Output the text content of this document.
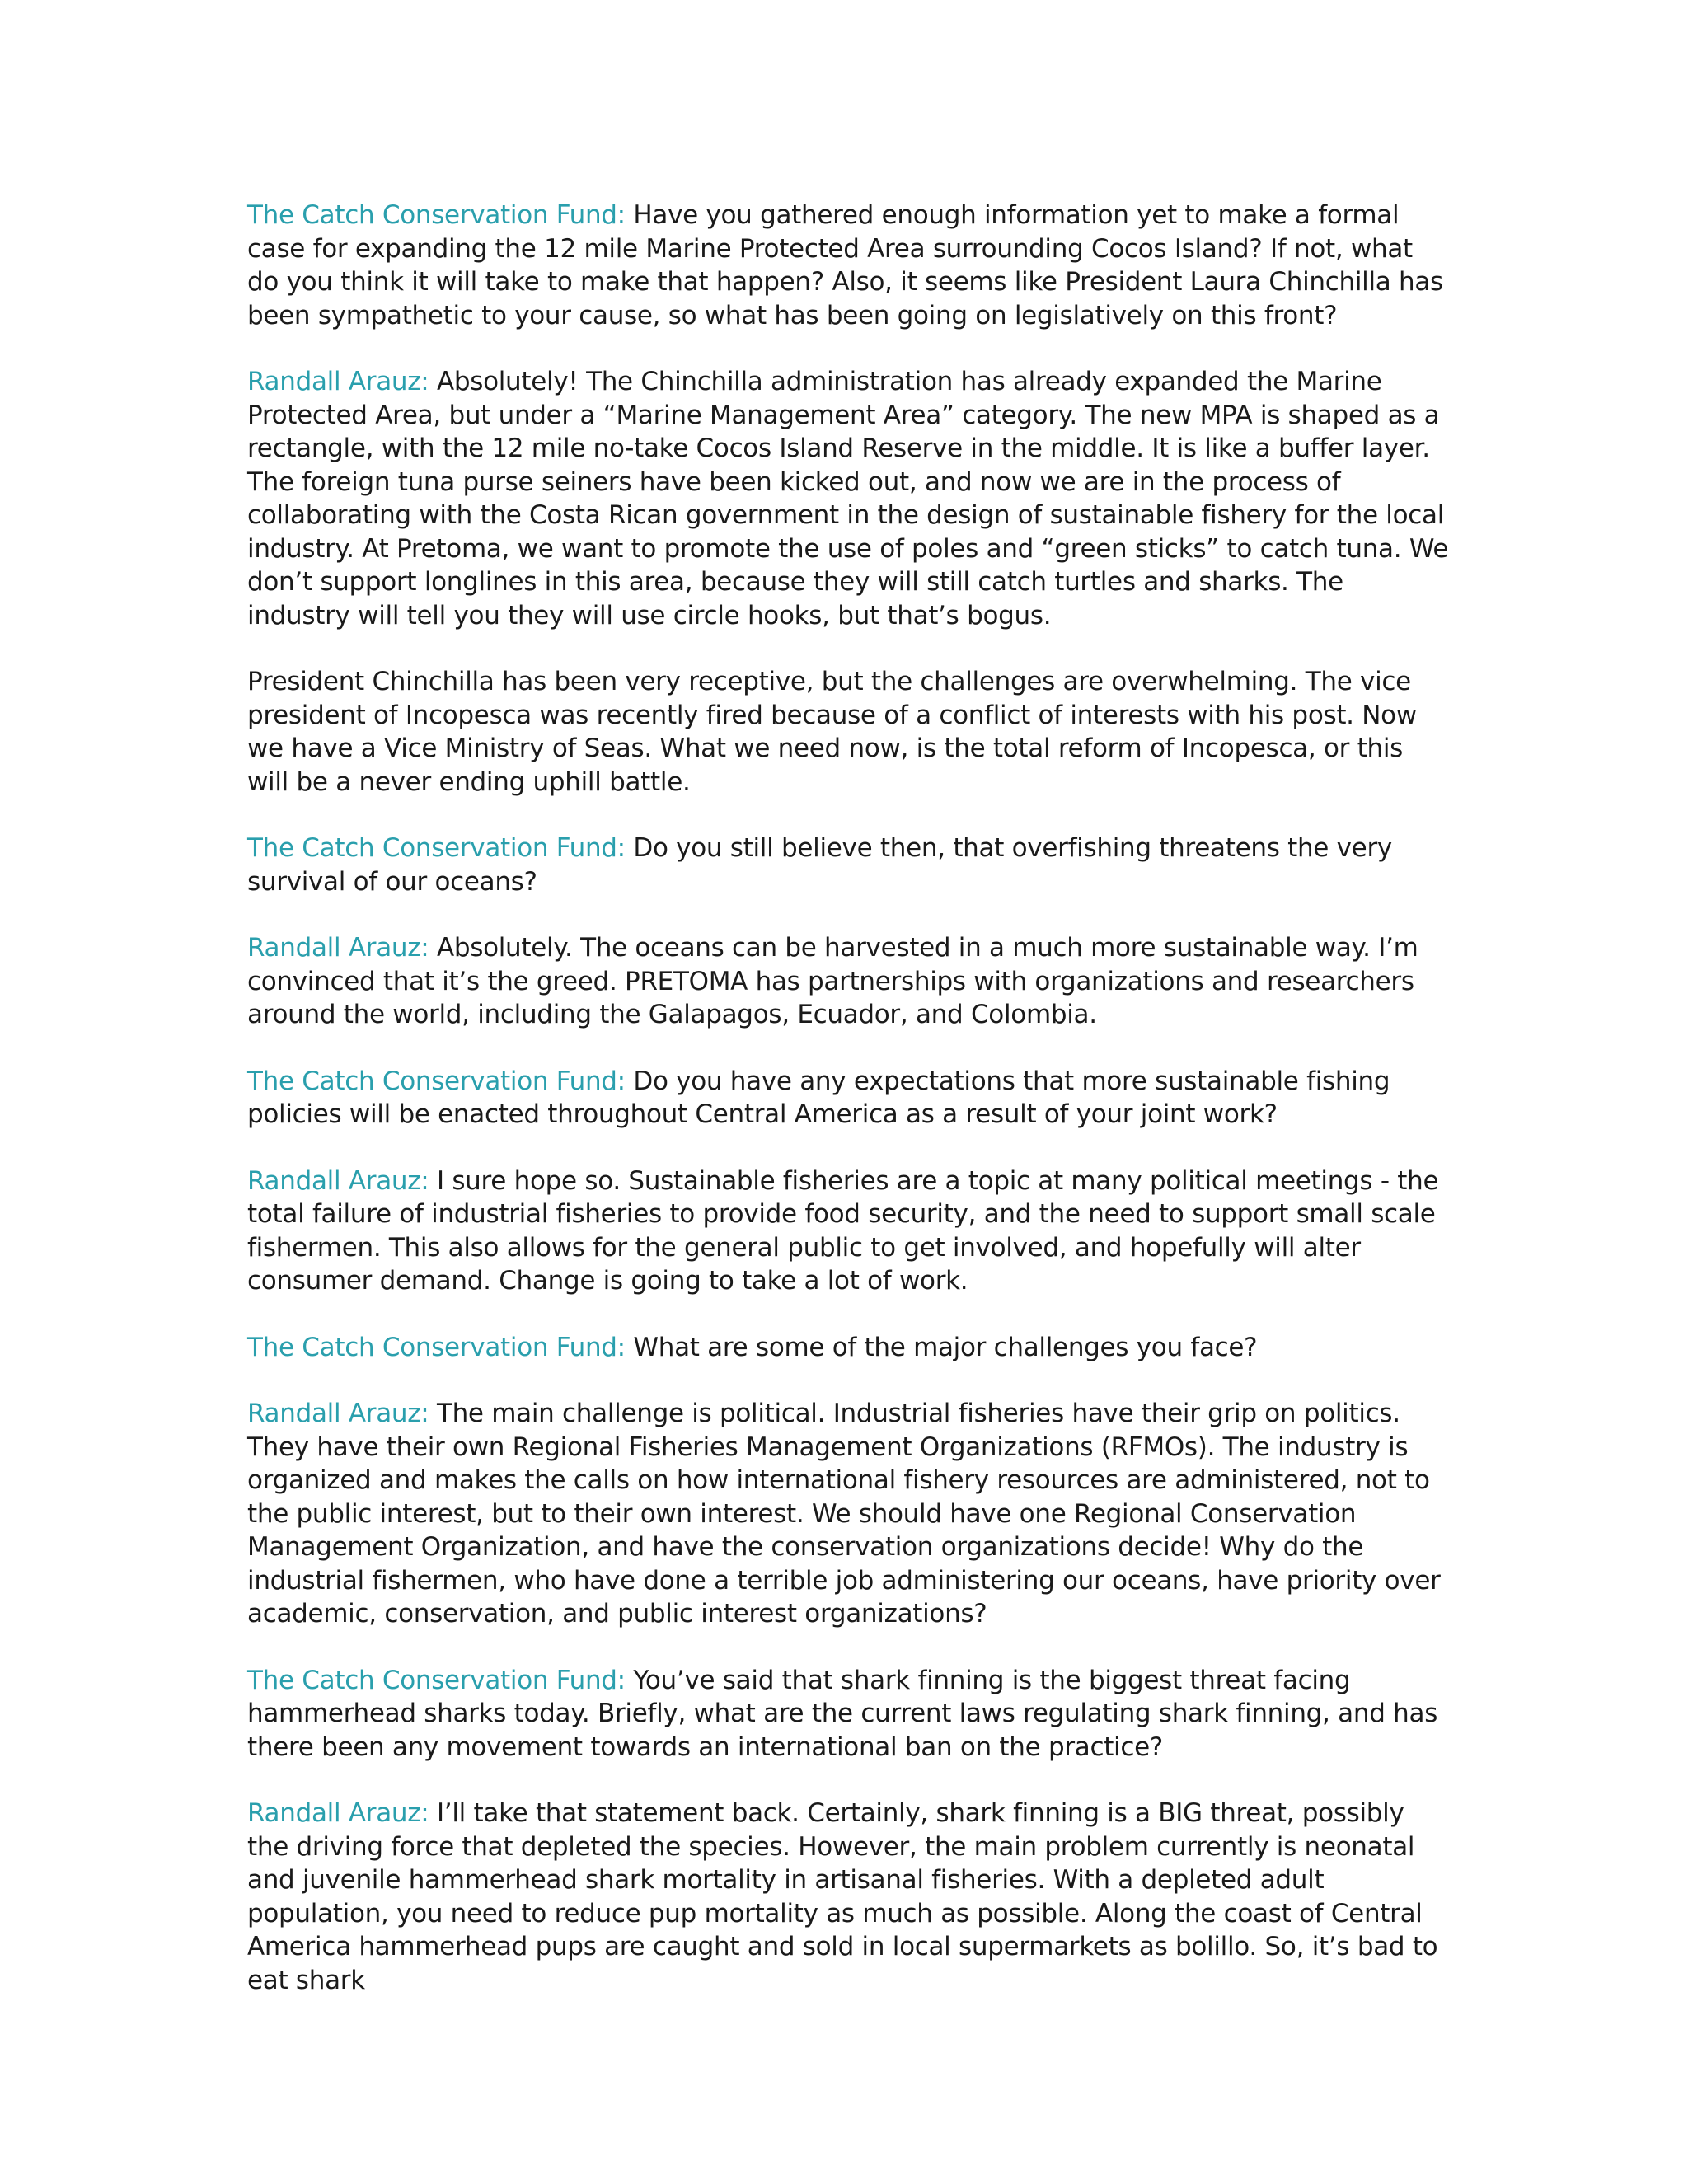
The Catch Conservation Fund: Have you gathered enough information yet to make a formal case for expanding the 12 mile Marine Protected Area surrounding Cocos Island? If not, what do you think it will take to make that happen? Also, it seems like President Laura Chinchilla has been sympathetic to your cause, so what has been going on legislatively on this front?

Randall Arauz: Absolutely! The Chinchilla administration has already expanded the Marine Protected Area, but under a “Marine Management Area” category. The new MPA is shaped as a rectangle, with the 12 mile no-take Cocos Island Reserve in the middle. It is like a buffer layer. The foreign tuna purse seiners have been kicked out, and now we are in the process of collaborating with the Costa Rican government in the design of sustainable fishery for the local industry. At Pretoma, we want to promote the use of poles and “green sticks” to catch tuna. We don’t support longlines in this area, because they will still catch turtles and sharks. The industry will tell you they will use circle hooks, but that’s bogus.

President Chinchilla has been very receptive, but the challenges are overwhelming. The vice president of Incopesca was recently fired because of a conflict of interests with his post. Now we have a Vice Ministry of Seas. What we need now, is the total reform of Incopesca, or this will be a never ending uphill battle.

The Catch Conservation Fund: Do you still believe then, that overfishing threatens the very survival of our oceans?

Randall Arauz: Absolutely. The oceans can be harvested in a much more sustainable way. I’m convinced that it’s the greed. PRETOMA has partnerships with organizations and researchers around the world, including the Galapagos, Ecuador, and Colombia.

The Catch Conservation Fund: Do you have any expectations that more sustainable fishing policies will be enacted throughout Central America as a result of your joint work?

Randall Arauz: I sure hope so. Sustainable fisheries are a topic at many political meetings - the total failure of industrial fisheries to provide food security, and the need to support small scale fishermen. This also allows for the general public to get involved, and hopefully will alter consumer demand. Change is going to take a lot of work.

The Catch Conservation Fund: What are some of the major challenges you face?

Randall Arauz: The main challenge is political. Industrial fisheries have their grip on politics. They have their own Regional Fisheries Management Organizations (RFMOs). The industry is organized and makes the calls on how international fishery resources are administered, not to the public interest, but to their own interest. We should have one Regional Conservation Management Organization, and have the conservation organizations decide! Why do the industrial fishermen, who have done a terrible job administering our oceans, have priority over academic, conservation, and public interest organizations?

The Catch Conservation Fund: You’ve said that shark finning is the biggest threat facing hammerhead sharks today. Briefly, what are the current laws regulating shark finning, and has there been any movement towards an international ban on the practice?

Randall Arauz: I’ll take that statement back. Certainly, shark finning is a BIG threat, possibly the driving force that depleted the species. However, the main problem currently is neonatal and juvenile hammerhead shark mortality in artisanal fisheries. With a depleted adult population, you need to reduce pup mortality as much as possible. Along the coast of Central America hammerhead pups are caught and sold in local supermarkets as bolillo. So, it’s bad to eat shark
